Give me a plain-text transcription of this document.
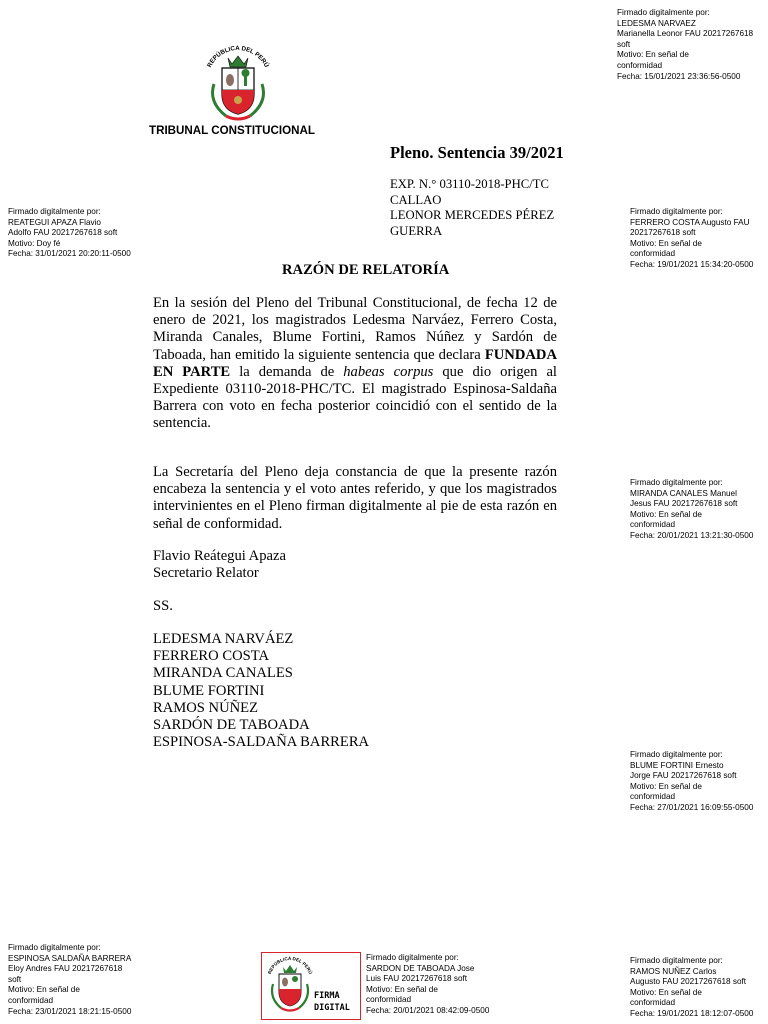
REPÚBLICA DEL PERÚ
TRIBUNAL CONSTITUCIONAL
Pleno. Sentencia 39/2021
EXP. N.° 03110-2018-PHC/TC
CALLAO
LEONOR MERCEDES PÉREZ
GUERRA
RAZÓN DE RELATORÍA
En la sesión del Pleno del Tribunal Constitucional, de fecha 12 de enero de 2021, los magistrados Ledesma Narváez, Ferrero Costa, Miranda Canales, Blume Fortini, Ramos Núñez y Sardón de Taboada, han emitido la siguiente sentencia que declara FUNDADA EN PARTE la demanda de habeas corpus que dio origen al Expediente 03110-2018-PHC/TC. El magistrado Espinosa-Saldaña Barrera con voto en fecha posterior coincidió con el sentido de la sentencia.
La Secretaría del Pleno deja constancia de que la presente razón encabeza la sentencia y el voto antes referido, y que los magistrados intervinientes en el Pleno firman digitalmente al pie de esta razón en señal de conformidad.
Flavio Reátegui Apaza
Secretario Relator
SS.
LEDESMA NARVÁEZ
FERRERO COSTA
MIRANDA CANALES
BLUME FORTINI
RAMOS NÚÑEZ
SARDÓN DE TABOADA
ESPINOSA-SALDAÑA BARRERA
Firmado digitalmente por:
LEDESMA NARVAEZ
Marianella Leonor FAU 20217267618
soft
Motivo: En señal de
conformidad
Fecha: 15/01/2021 23:36:56-0500
Firmado digitalmente por:
REATEGUI APAZA Flavio
Adolfo FAU 20217267618 soft
Motivo: Doy fé
Fecha: 31/01/2021 20:20:11-0500
Firmado digitalmente por:
FERRERO COSTA Augusto FAU
20217267618 soft
Motivo: En señal de
conformidad
Fecha: 19/01/2021 15:34:20-0500
Firmado digitalmente por:
MIRANDA CANALES Manuel
Jesus FAU 20217267618 soft
Motivo: En señal de
conformidad
Fecha: 20/01/2021 13:21:30-0500
Firmado digitalmente por:
BLUME FORTINI Ernesto
Jorge FAU 20217267618 soft
Motivo: En señal de
conformidad
Fecha: 27/01/2021 16:09:55-0500
Firmado digitalmente por:
ESPINOSA SALDAÑA BARRERA
Eloy Andres FAU 20217267618
soft
Motivo: En señal de
conformidad
Fecha: 23/01/2021 18:21:15-0500
REPÚBLICA DEL PERÚ
FIRMA
DIGITAL
Firmado digitalmente por:
SARDON DE TABOADA Jose
Luis FAU 20217267618 soft
Motivo: En señal de
conformidad
Fecha: 20/01/2021 08:42:09-0500
Firmado digitalmente por:
RAMOS NUÑEZ Carlos
Augusto FAU 20217267618 soft
Motivo: En señal de
conformidad
Fecha: 19/01/2021 18:12:07-0500
